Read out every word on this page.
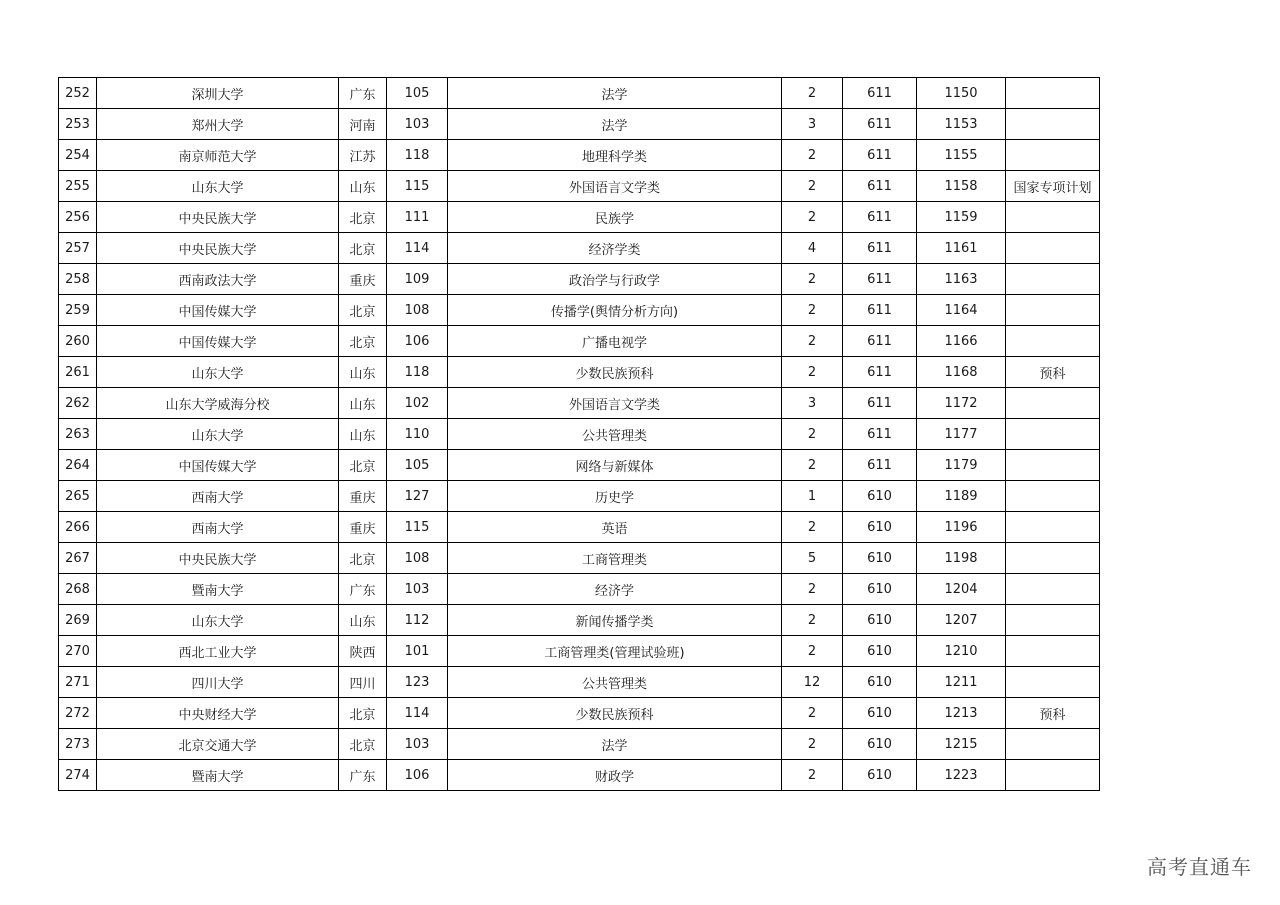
252	深圳大学	广东	105	法学	2	611	1150	
253	郑州大学	河南	103	法学	3	611	1153	
254	南京师范大学	江苏	118	地理科学类	2	611	1155	
255	山东大学	山东	115	外国语言文学类	2	611	1158	国家专项计划
256	中央民族大学	北京	111	民族学	2	611	1159	
257	中央民族大学	北京	114	经济学类	4	611	1161	
258	西南政法大学	重庆	109	政治学与行政学	2	611	1163	
259	中国传媒大学	北京	108	传播学(舆情分析方向)	2	611	1164	
260	中国传媒大学	北京	106	广播电视学	2	611	1166	
261	山东大学	山东	118	少数民族预科	2	611	1168	预科
262	山东大学威海分校	山东	102	外国语言文学类	3	611	1172	
263	山东大学	山东	110	公共管理类	2	611	1177	
264	中国传媒大学	北京	105	网络与新媒体	2	611	1179	
265	西南大学	重庆	127	历史学	1	610	1189	
266	西南大学	重庆	115	英语	2	610	1196	
267	中央民族大学	北京	108	工商管理类	5	610	1198	
268	暨南大学	广东	103	经济学	2	610	1204	
269	山东大学	山东	112	新闻传播学类	2	610	1207	
270	西北工业大学	陕西	101	工商管理类(管理试验班)	2	610	1210	
271	四川大学	四川	123	公共管理类	12	610	1211	
272	中央财经大学	北京	114	少数民族预科	2	610	1213	预科
273	北京交通大学	北京	103	法学	2	610	1215	
274	暨南大学	广东	106	财政学	2	610	1223	
高考直通车
